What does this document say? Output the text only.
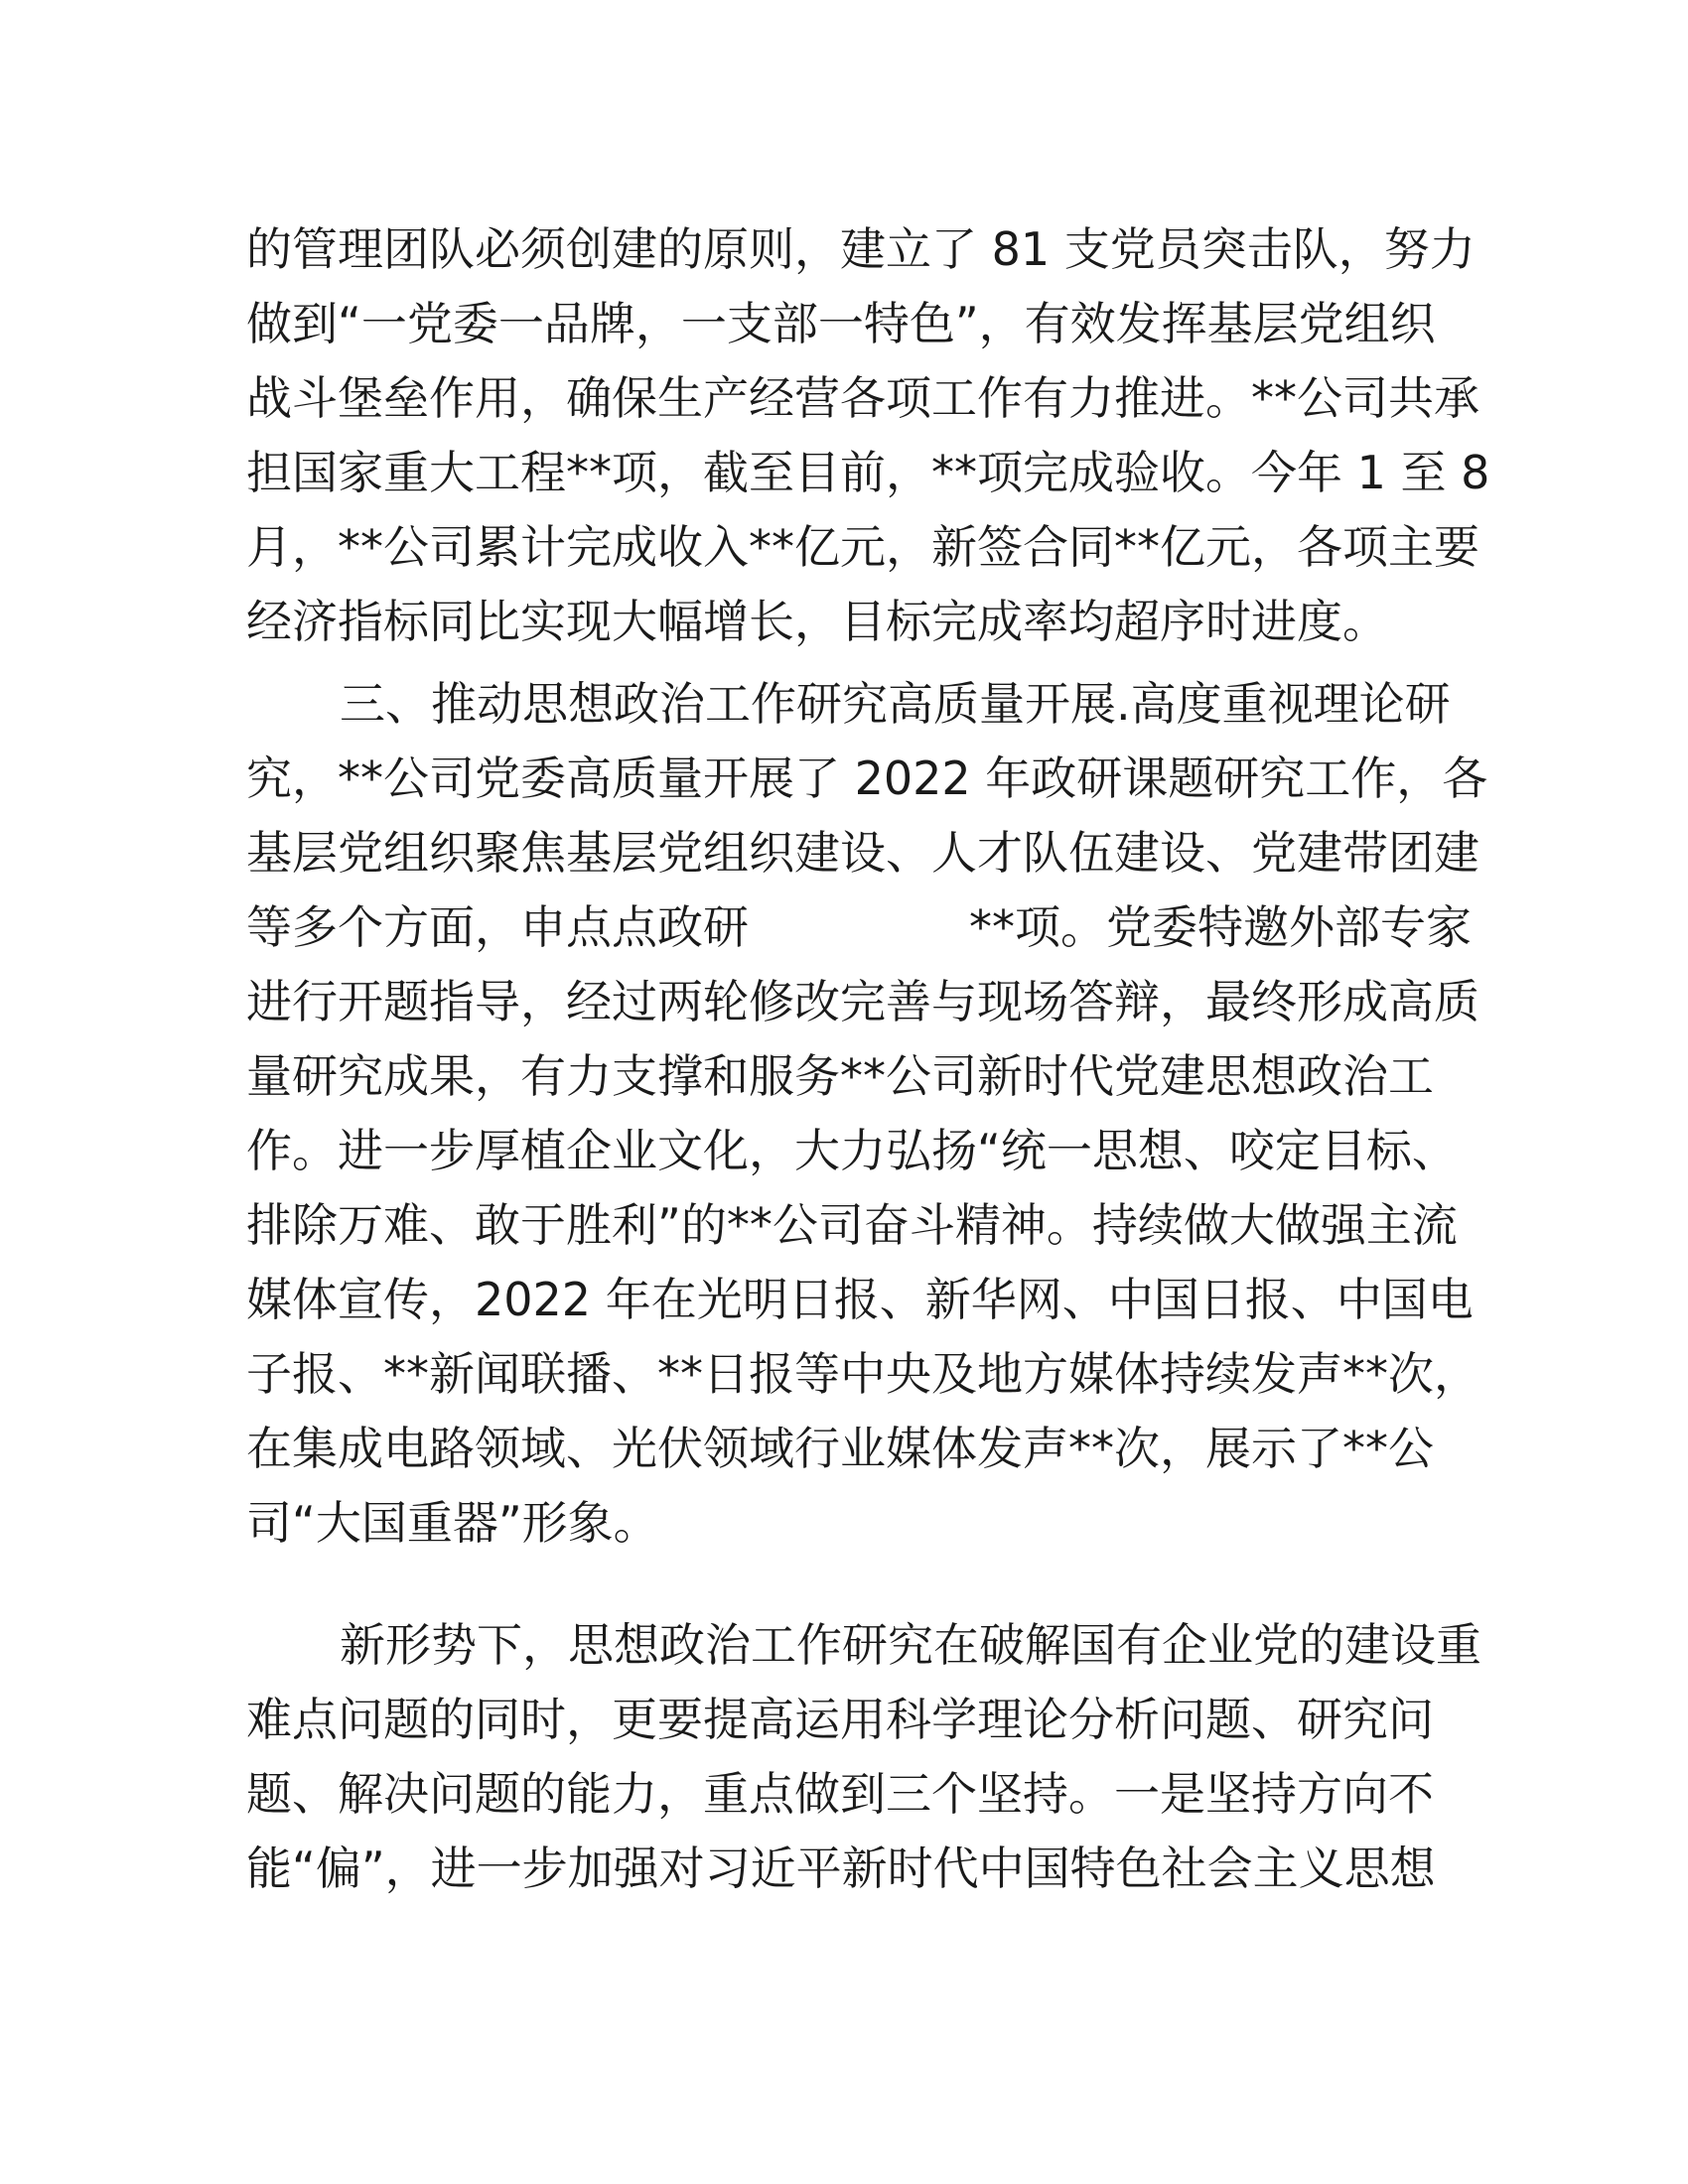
的管理团队必须创建的原则，建立了 81 支党员突击队，努力
做到“一党委一品牌，一支部一特色”，有效发挥基层党组织
战斗堡垒作用，确保生产经营各项工作有力推进。**公司共承
担国家重大工程**项，截至目前，**项完成验收。今年 1 至 8
月，**公司累计完成收入**亿元，新签合同**亿元，各项主要
经济指标同比实现大幅增长，目标完成率均超序时进度。
三、推动思想政治工作研究高质量开展.高度重视理论研
究，**公司党委高质量开展了 2022 年政研课题研究工作，各
基层党组织聚焦基层党组织建设、人才队伍建设、党建带团建
等多个方面，申点点政研	**项。党委特邀外部专家
进行开题指导，经过两轮修改完善与现场答辩，最终形成高质
量研究成果，有力支撑和服务**公司新时代党建思想政治工
作。进一步厚植企业文化，大力弘扬“统一思想、咬定目标、
排除万难、敢于胜利”的**公司奋斗精神。持续做大做强主流
媒体宣传，2022 年在光明日报、新华网、中国日报、中国电
子报、**新闻联播、**日报等中央及地方媒体持续发声**次，
在集成电路领域、光伏领域行业媒体发声**次，展示了**公
司“大国重器”形象。
新形势下，思想政治工作研究在破解国有企业党的建设重
难点问题的同时，更要提高运用科学理论分析问题、研究问
题、解决问题的能力，重点做到三个坚持。一是坚持方向不
能“偏”，进一步加强对习近平新时代中国特色社会主义思想
